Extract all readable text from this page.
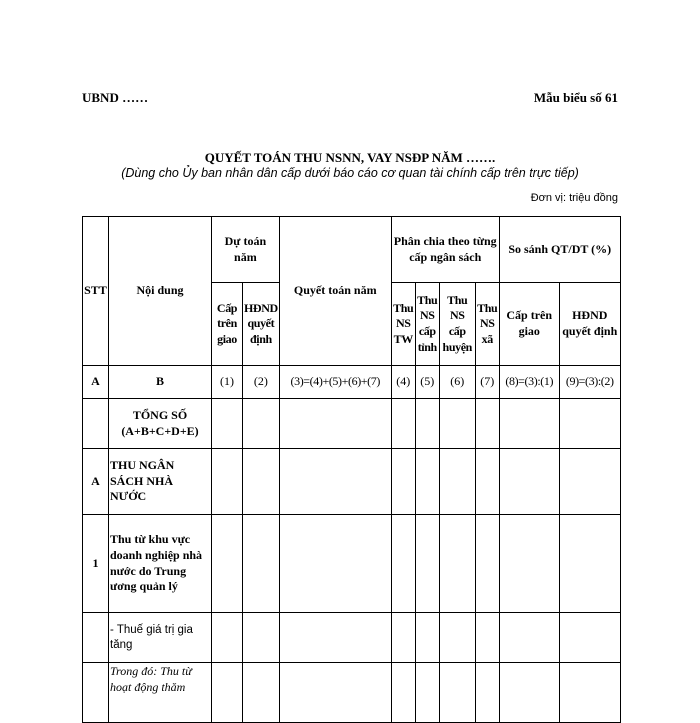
UBND ……	Mẫu biểu số 61
QUYẾT TOÁN THU NSNN, VAY NSĐP NĂM …….
(Dùng cho Ủy ban nhân dân cấp dưới báo cáo cơ quan tài chính cấp trên trực tiếp)
Đơn vị: triệu đồng
STT	Nội dung	Dự toán năm		Quyết toán năm	Phân chia theo từng cấp ngân sách				So sánh QT/DT (%)	
		Cấp trên giao	HĐND quyết định		Thu NS TW	Thu NS cấp tỉnh	Thu NS cấp huyện	Thu NS xã	Cấp trên giao	HĐND quyết định
A	B	(1)	(2)	(3)=(4)+(5)+(6)+(7)	(4)	(5)	(6)	(7)	(8)=(3):(1)	(9)=(3):(2)
	TỔNG SỐ (A+B+C+D+E)									
A	THU NGÂN SÁCH NHÀ NƯỚC									
1	Thu từ khu vực doanh nghiệp nhà nước do Trung ương quản lý									
	- Thuế giá trị gia tăng									
	Trong đó: Thu từ hoạt động thăm									
